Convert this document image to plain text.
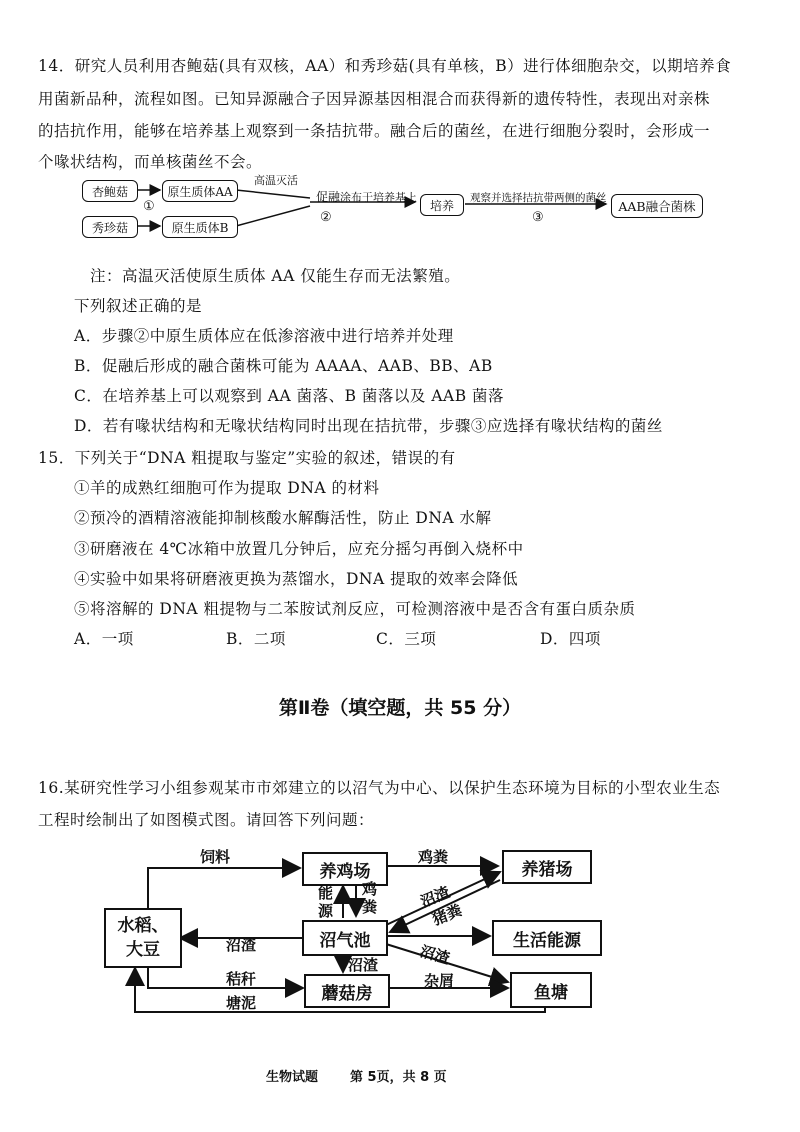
14．研究人员利用杏鲍菇(具有双核，AA）和秀珍菇(具有单核，B）进行体细胞杂交，以期培养食
用菌新品种，流程如图。已知异源融合子因异源基因相混合而获得新的遗传特性，表现出对亲株
的拮抗作用，能够在培养基上观察到一条拮抗带。融合后的菌丝，在进行细胞分裂时，会形成一
个喙状结构，而单核菌丝不会。
杏鲍菇
秀珍菇
原生质体AA
原生质体B
高温灭活
①
促融 涂布于培养基上
②
培养
观察并选择拮抗带两侧的菌丝
③
AAB融合菌株
注：高温灭活使原生质体 AA 仅能生存而无法繁殖。
下列叙述正确的是
A．步骤②中原生质体应在低渗溶液中进行培养并处理
B．促融后形成的融合菌株可能为 AAAA、AAB、BB、AB
C．在培养基上可以观察到 AA 菌落、B 菌落以及 AAB 菌落
D．若有喙状结构和无喙状结构同时出现在拮抗带，步骤③应选择有喙状结构的菌丝
15．下列关于“DNA 粗提取与鉴定”实验的叙述，错误的有
①羊的成熟红细胞可作为提取 DNA 的材料
②预冷的酒精溶液能抑制核酸水解酶活性，防止 DNA 水解
③研磨液在 4℃冰箱中放置几分钟后，应充分摇匀再倒入烧杯中
④实验中如果将研磨液更换为蒸馏水，DNA 提取的效率会降低
⑤将溶解的 DNA 粗提物与二苯胺试剂反应，可检测溶液中是否含有蛋白质杂质
A．一项	B．二项	C．三项	D．四项
第Ⅱ卷（填空题，共 55 分）
16.某研究性学习小组参观某市市郊建立的以沼气为中心、以保护生态环境为目标的小型农业生态
工程时绘制出了如图模式图。请回答下列问题：
水稻、大豆
养鸡场	养猪场
沼气池	生活能源
蘑菇房	鱼塘
饲料	鸡粪
能源
鸡粪	沼渣
猪粪
沼渣	沼渣
沼渣
秸秆	杂屑
塘泥
生物试题 第 5页，共 8 页
